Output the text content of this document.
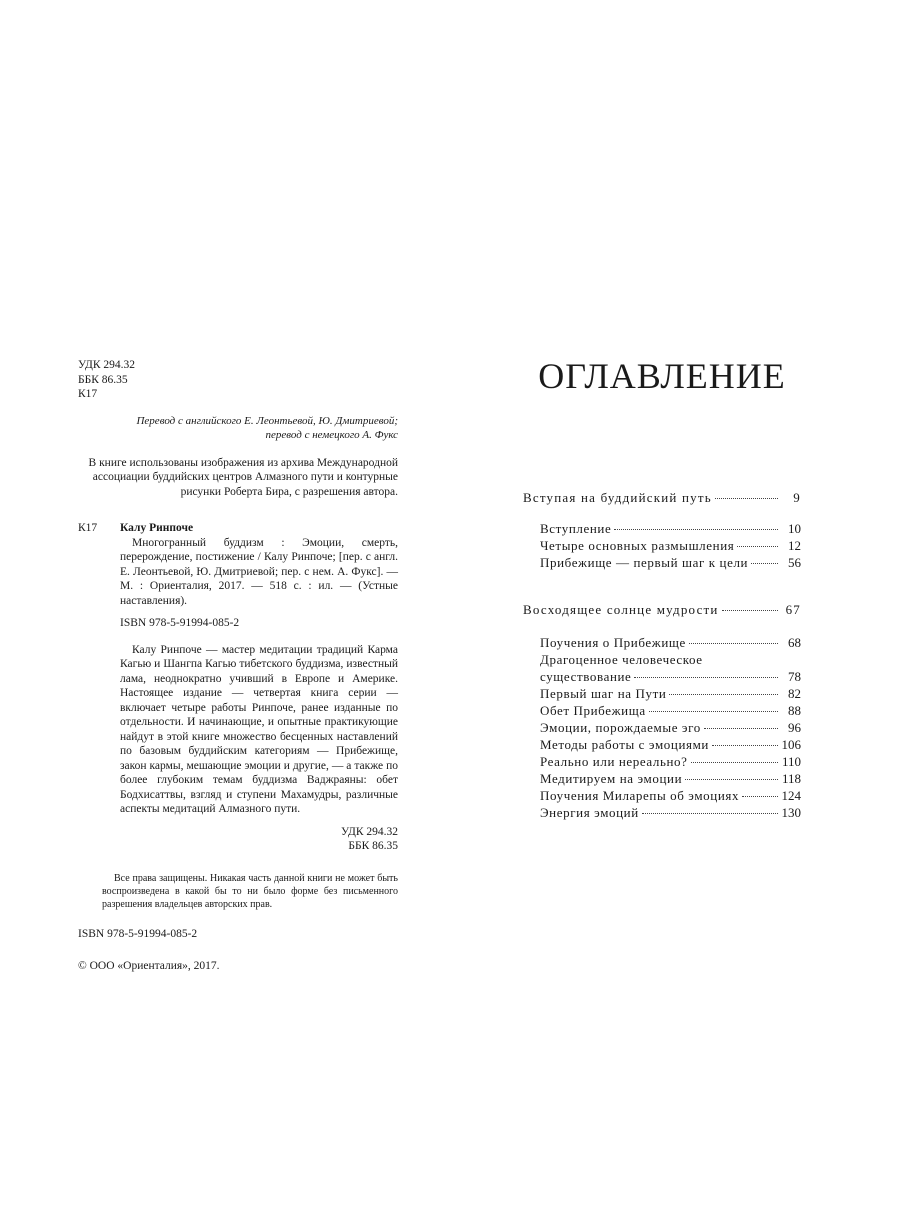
УДК 294.32
ББК 86.35
К17
Перевод с английского Е. Леонтьевой, Ю. Дмитриевой;
перевод с немецкого А. Фукс
В книге использованы изображения из архива Международной
ассоциации буддийских центров Алмазного пути и контурные
рисунки Роберта Бира, с разрешения автора.
К17 Калу Ринпоче
Многогранный буддизм : Эмоции, смерть, перерождение, постижение / Калу Ринпоче; [пер. с англ. Е. Леонтьевой, Ю. Дмитриевой; пер. с нем. А. Фукс]. — М. : Ориенталия, 2017. — 518 с. : ил. — (Устные наставления).
ISBN 978-5-91994-085-2
Калу Ринпоче — мастер медитации традиций Карма Кагью и Шангпа Кагью тибетского буддизма, известный лама, неоднократно учивший в Европе и Америке. Настоящее издание — четвертая книга серии — включает четыре работы Ринпоче, ранее изданные по отдельности. И начинающие, и опытные практикующие найдут в этой книге множество бесценных наставлений по базовым буддийским категориям — Прибежище, закон кармы, мешающие эмоции и другие, — а также по более глубоким темам буддизма Ваджраяны: обет Бодхисаттвы, взгляд и ступени Махамудры, различные аспекты медитаций Алмазного пути.
УДК 294.32
ББК 86.35
Все права защищены. Никакая часть данной книги не может быть воспроизведена в какой бы то ни было форме без письменного разрешения владельцев авторских прав.
ISBN 978-5-91994-085-2
© ООО «Ориенталия», 2017.
ОГЛАВЛЕНИЕ
Вступая на буддийский путь	9
Вступление	10
Четыре основных размышления	12
Прибежище — первый шаг к цели	56
Восходящее солнце мудрости	67
Поучения о Прибежище	68
Драгоценное человеческое
существование	78
Первый шаг на Пути	82
Обет Прибежища	88
Эмоции, порождаемые эго	96
Методы работы с эмоциями	106
Реально или нереально?	110
Медитируем на эмоции	118
Поучения Миларепы об эмоциях	124
Энергия эмоций	130
